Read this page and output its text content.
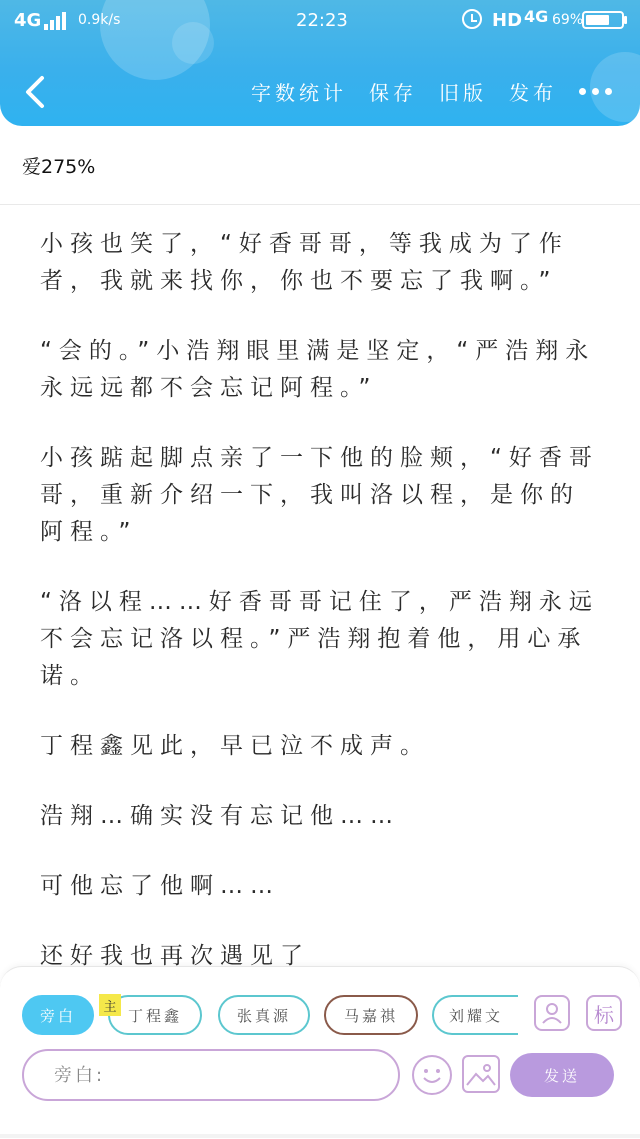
4G	0.9k/s	22:23	HD 4G 69%
字数统计 保存 旧版 发布
爱275%

小孩也笑了，“好香哥哥，等我成为了作者，我就来找你，你也不要忘了我啊。”

“会的。”小浩翔眼里满是坚定，“严浩翔永永远远都不会忘记阿程。”

小孩踮起脚点亲了一下他的脸颊，“好香哥哥，重新介绍一下，我叫洛以程，是你的阿程。”

“洛以程……好香哥哥记住了，严浩翔永远不会忘记洛以程。”严浩翔抱着他，用心承诺。

丁程鑫见此，早已泣不成声。

浩翔…确实没有忘记他……

可他忘了他啊……

还好我也再次遇见了

旁白	丁程鑫
主	张真源	马嘉祺	刘耀文	标
旁白:
发送
